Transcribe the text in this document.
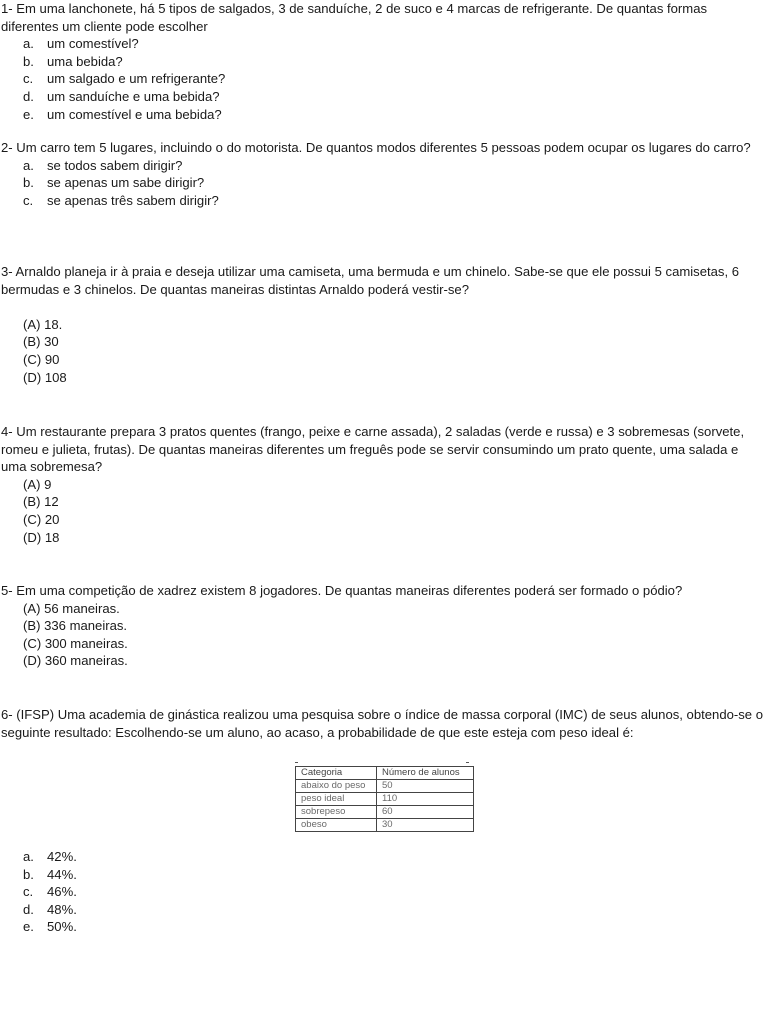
1- Em uma lanchonete, há 5 tipos de salgados, 3 de sanduíche, 2 de suco e 4 marcas de refrigerante. De quantas formas diferentes um cliente pode escolher

a. um comestível?
b. uma bebida?
c. um salgado e um refrigerante?
d. um sanduíche e uma bebida?
e. um comestível e uma bebida?

2- Um carro tem 5 lugares, incluindo o do motorista. De quantos modos diferentes 5 pessoas podem ocupar os lugares do carro?

a. se todos sabem dirigir?
b. se apenas um sabe dirigir?
c. se apenas três sabem dirigir?

3- Arnaldo planeja ir à praia e deseja utilizar uma camiseta, uma bermuda e um chinelo. Sabe-se que ele possui 5 camisetas, 6 bermudas e 3 chinelos. De quantas maneiras distintas Arnaldo poderá vestir-se?

(A) 18.
(B) 30
(C) 90
(D) 108

4- Um restaurante prepara 3 pratos quentes (frango, peixe e carne assada), 2 saladas (verde e russa) e 3 sobremesas (sorvete, romeu e julieta, frutas). De quantas maneiras diferentes um freguês pode se servir consumindo um prato quente, uma salada e uma sobremesa?

(A) 9
(B) 12
(C) 20
(D) 18

5- Em uma competição de xadrez existem 8 jogadores. De quantas maneiras diferentes poderá ser formado o pódio?

(A) 56 maneiras.
(B) 336 maneiras.
(C) 300 maneiras.
(D) 360 maneiras.

6- (IFSP) Uma academia de ginástica realizou uma pesquisa sobre o índice de massa corporal (IMC) de seus alunos, obtendo-se o seguinte resultado: Escolhendo-se um aluno, ao acaso, a probabilidade de que este esteja com peso ideal é:

Categoria	Número de alunos
abaixo do peso	50
peso ideal	110
sobrepeso	60
obeso	30
a. 42%.
b. 44%.
c. 46%.
d. 48%.
e. 50%.
